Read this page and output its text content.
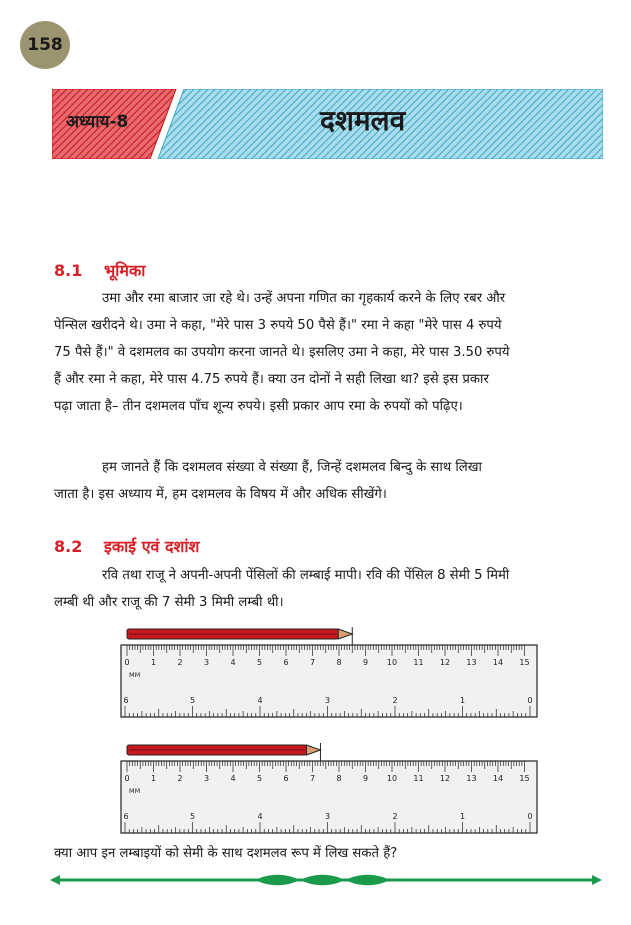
158
अध्याय-8	दशमलव
8.1 भूमिका

उमा और रमा बाजार जा रहे थे। उन्हें अपना गणित का गृहकार्य करने के लिए रबर और
पेन्सिल खरीदने थे। उमा ने कहा, "मेरे पास 3 रुपये 50 पैसे हैं।" रमा ने कहा "मेरे पास 4 रुपये
75 पैसे हैं।" वे दशमलव का उपयोग करना जानते थे। इसलिए उमा ने कहा, मेरे पास 3.50 रुपये
हैं और रमा ने कहा, मेरे पास 4.75 रुपये हैं। क्या उन दोनों ने सही लिखा था? इसे इस प्रकार
पढ़ा जाता है– तीन दशमलव पाँच शून्य रुपये। इसी प्रकार आप रमा के रुपयों को पढ़िए।

हम जानते हैं कि दशमलव संख्या वे संख्या हैं, जिन्हें दशमलव बिन्दु के साथ लिखा
जाता है। इस अध्याय में, हम दशमलव के विषय में और अधिक सीखेंगे।

8.2 इकाई एवं दशांश

रवि तथा राजू ने अपनी-अपनी पेंसिलों की लम्बाई मापी। रवि की पेंसिल 8 सेमी 5 मिमी
लम्बी थी और राजू की 7 सेमी 3 मिमी लम्बी थी।

0	1	2	3	4	5	6	7	8	9 10 11 12 13 14 15
MM
6	5	4	3	2	1	0
0	1	2	3	4	5	6	7	8	9 10 11 12 13 14 15
MM
6	5	4	3	2	1	0
क्या आप इन लम्बाइयों को सेमी के साथ दशमलव रूप में लिख सकते हैं?
